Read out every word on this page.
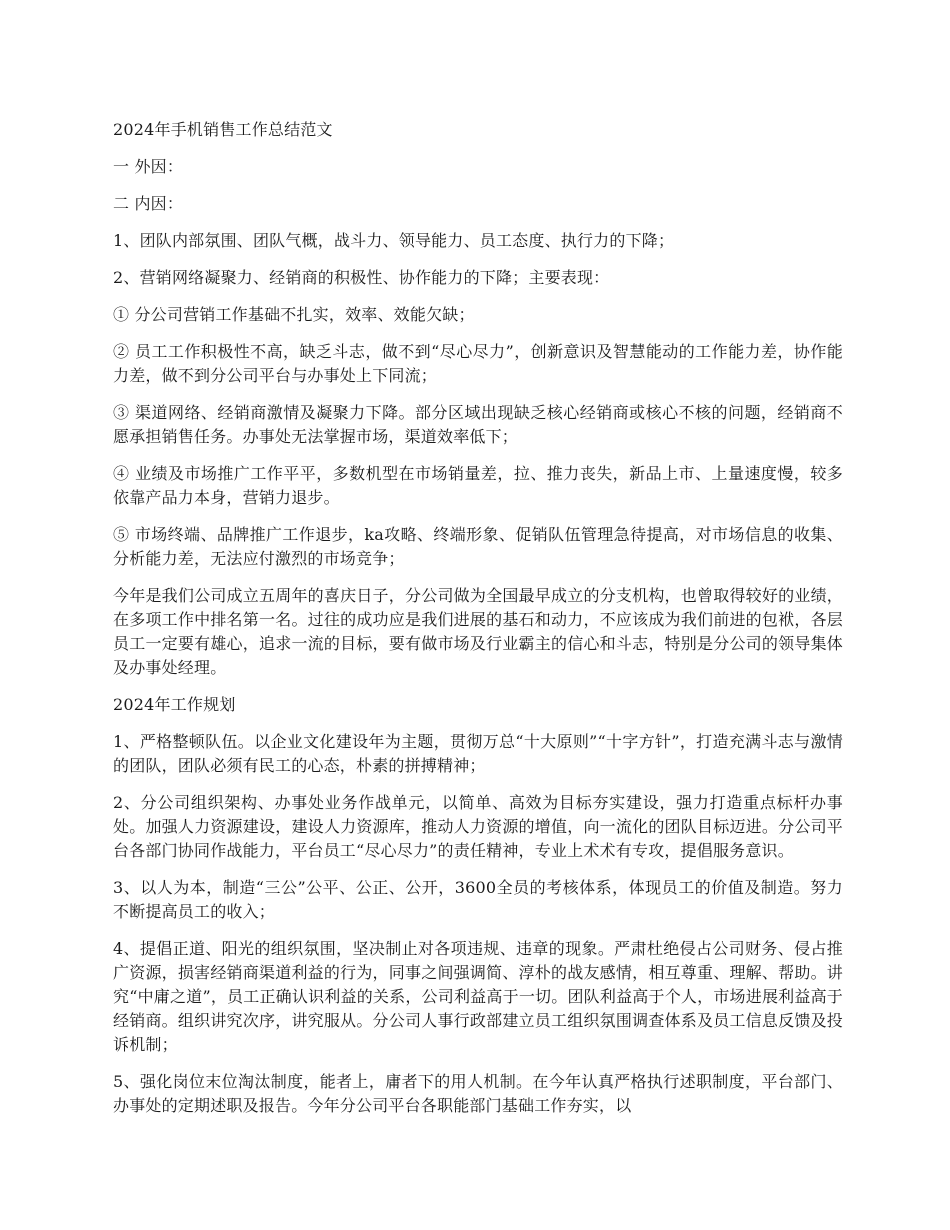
2024年手机销售工作总结范文

一 外因：

二 内因：

1、团队内部氛围、团队气概，战斗力、领导能力、员工态度、执行力的下降；

2、营销网络凝聚力、经销商的积极性、协作能力的下降；主要表现：

① 分公司营销工作基础不扎实，效率、效能欠缺；

② 员工工作积极性不高，缺乏斗志，做不到“尽心尽力”，创新意识及智慧能动的工作能力差，协作能力差，做不到分公司平台与办事处上下同流；

③ 渠道网络、经销商激情及凝聚力下降。部分区域出现缺乏核心经销商或核心不核的问题，经销商不愿承担销售任务。办事处无法掌握市场，渠道效率低下；

④ 业绩及市场推广工作平平，多数机型在市场销量差，拉、推力丧失，新品上市、上量速度慢，较多依靠产品力本身，营销力退步。

⑤ 市场终端、品牌推广工作退步，ka攻略、终端形象、促销队伍管理急待提高，对市场信息的收集、分析能力差，无法应付激烈的市场竞争；

今年是我们公司成立五周年的喜庆日子，分公司做为全国最早成立的分支机构，也曾取得较好的业绩，在多项工作中排名第一名。过往的成功应是我们进展的基石和动力，不应该成为我们前进的包袱，各层员工一定要有雄心，追求一流的目标，要有做市场及行业霸主的信心和斗志，特别是分公司的领导集体及办事处经理。

2024年工作规划

1、严格整顿队伍。以企业文化建设年为主题，贯彻万总“十大原则”“十字方针”，打造充满斗志与激情的团队，团队必须有民工的心态，朴素的拼搏精神；

2、分公司组织架构、办事处业务作战单元，以简单、高效为目标夯实建设，强力打造重点标杆办事处。加强人力资源建设，建设人力资源库，推动人力资源的增值，向一流化的团队目标迈进。分公司平台各部门协同作战能力，平台员工“尽心尽力”的责任精神，专业上术术有专攻，提倡服务意识。

3、以人为本，制造“三公”公平、公正、公开，3600全员的考核体系，体现员工的价值及制造。努力不断提高员工的收入；

4、提倡正道、阳光的组织氛围，坚决制止对各项违规、违章的现象。严肃杜绝侵占公司财务、侵占推广资源，损害经销商渠道利益的行为，同事之间强调简、淳朴的战友感情，相互尊重、理解、帮助。讲究“中庸之道”，员工正确认识利益的关系，公司利益高于一切。团队利益高于个人，市场进展利益高于经销商。组织讲究次序，讲究服从。分公司人事行政部建立员工组织氛围调查体系及员工信息反馈及投诉机制；

5、强化岗位末位淘汰制度，能者上，庸者下的用人机制。在今年认真严格执行述职制度，平台部门、办事处的定期述职及报告。今年分公司平台各职能部门基础工作夯实，以
